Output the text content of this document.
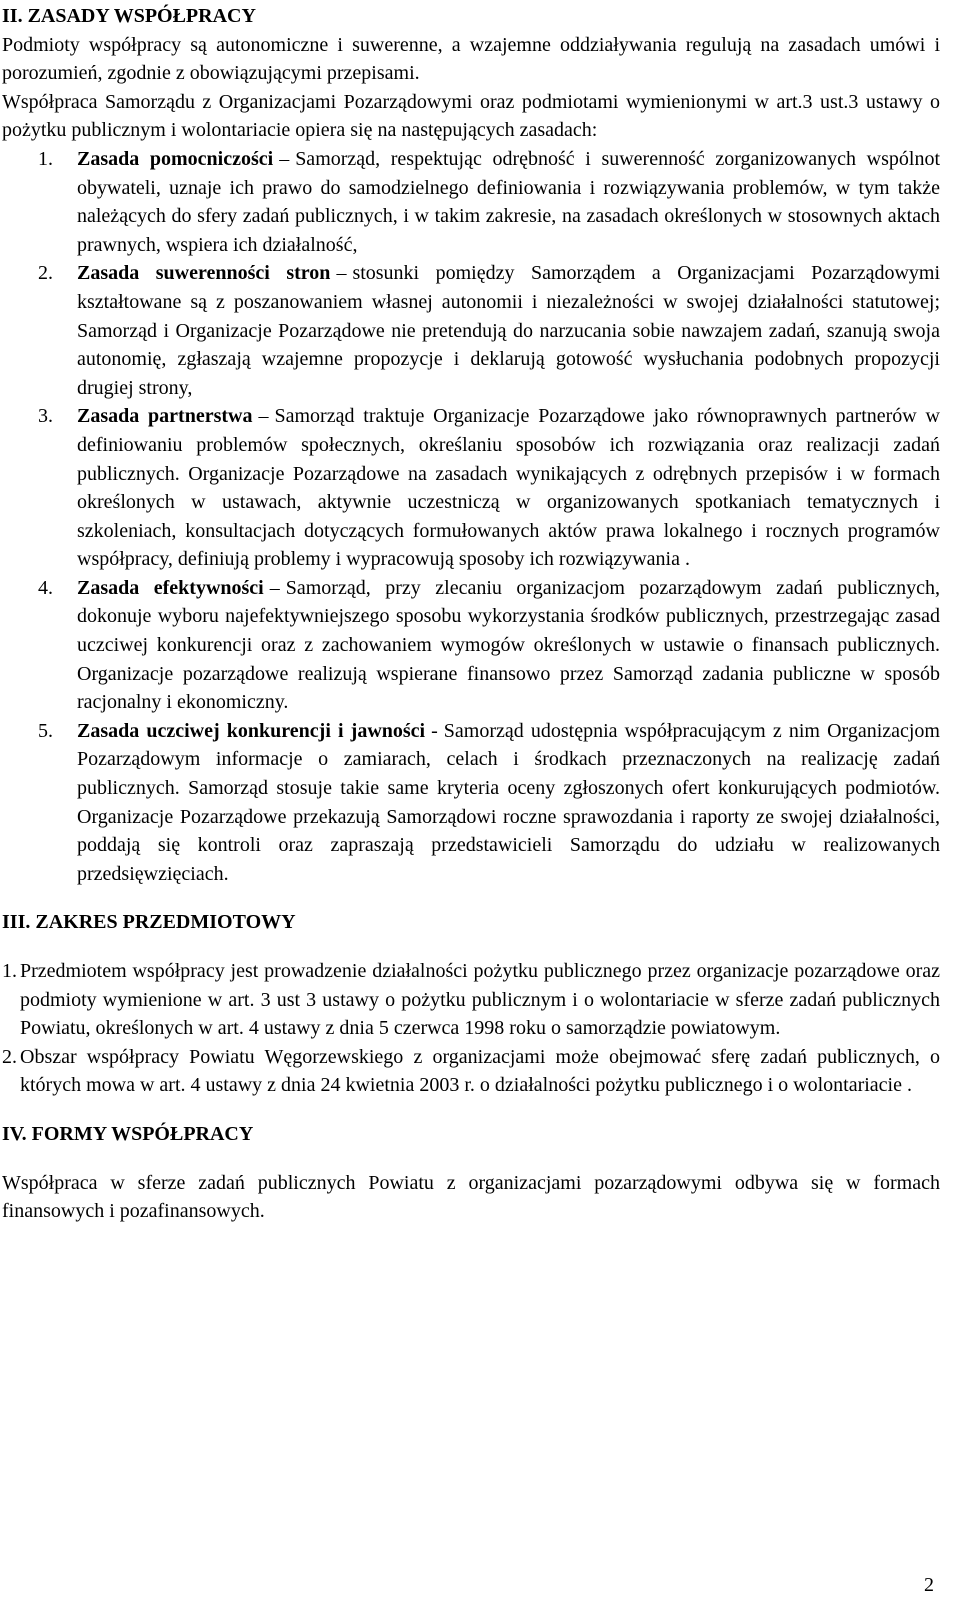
II. ZASADY WSPÓŁPRACY

Podmioty współpracy są autonomiczne i suwerenne, a wzajemne oddziaływania regulują na zasadach umówi i porozumień, zgodnie z obowiązującymi przepisami.

Współpraca Samorządu z Organizacjami Pozarządowymi oraz podmiotami wymienionymi w art.3 ust.3 ustawy o pożytku publicznym i wolontariacie opiera się na następujących zasadach:

1. Zasada pomocniczości – Samorząd, respektując odrębność i suwerenność zorganizowanych wspólnot obywateli, uznaje ich prawo do samodzielnego definiowania i rozwiązywania problemów, w tym także należących do sfery zadań publicznych, i w takim zakresie, na zasadach określonych w stosownych aktach prawnych, wspiera ich działalność,
2. Zasada suwerenności stron – stosunki pomiędzy Samorządem a Organizacjami Pozarządowymi kształtowane są z poszanowaniem własnej autonomii i niezależności w swojej działalności statutowej; Samorząd i Organizacje Pozarządowe nie pretendują do narzucania sobie nawzajem zadań, szanują swoja autonomię, zgłaszają wzajemne propozycje i deklarują gotowość wysłuchania podobnych propozycji drugiej strony,
3. Zasada partnerstwa – Samorząd traktuje Organizacje Pozarządowe jako równoprawnych partnerów w definiowaniu problemów społecznych, określaniu sposobów ich rozwiązania oraz realizacji zadań publicznych. Organizacje Pozarządowe na zasadach wynikających z odrębnych przepisów i w formach określonych w ustawach, aktywnie uczestniczą w organizowanych spotkaniach tematycznych i szkoleniach, konsultacjach dotyczących formułowanych aktów prawa lokalnego i rocznych programów współpracy, definiują problemy i wypracowują sposoby ich rozwiązywania .
4. Zasada efektywności – Samorząd, przy zlecaniu organizacjom pozarządowym zadań publicznych, dokonuje wyboru najefektywniejszego sposobu wykorzystania środków publicznych, przestrzegając zasad uczciwej konkurencji oraz z zachowaniem wymogów określonych w ustawie o finansach publicznych. Organizacje pozarządowe realizują wspierane finansowo przez Samorząd zadania publiczne w sposób racjonalny i ekonomiczny.
5. Zasada uczciwej konkurencji i jawności - Samorząd udostępnia współpracującym z nim Organizacjom Pozarządowym informacje o zamiarach, celach i środkach przeznaczonych na realizację zadań publicznych. Samorząd stosuje takie same kryteria oceny zgłoszonych ofert konkurujących podmiotów. Organizacje Pozarządowe przekazują Samorządowi roczne sprawozdania i raporty ze swojej działalności, poddają się kontroli oraz zapraszają przedstawicieli Samorządu do udziału w realizowanych przedsięwzięciach.
III. ZAKRES PRZEDMIOTOWY
1. Przedmiotem współpracy jest prowadzenie działalności pożytku publicznego przez organizacje pozarządowe oraz podmioty wymienione w art. 3 ust 3 ustawy o pożytku publicznym i o wolontariacie w sferze zadań publicznych Powiatu, określonych w art. 4 ustawy z dnia 5 czerwca 1998 roku o samorządzie powiatowym.
2. Obszar współpracy Powiatu Węgorzewskiego z organizacjami może obejmować sferę zadań publicznych, o których mowa w art. 4 ustawy z dnia 24 kwietnia 2003 r. o działalności pożytku publicznego i o wolontariacie .
IV. FORMY WSPÓŁPRACY

Współpraca w sferze zadań publicznych Powiatu z organizacjami pozarządowymi odbywa się w formach finansowych i pozafinansowych.

2
